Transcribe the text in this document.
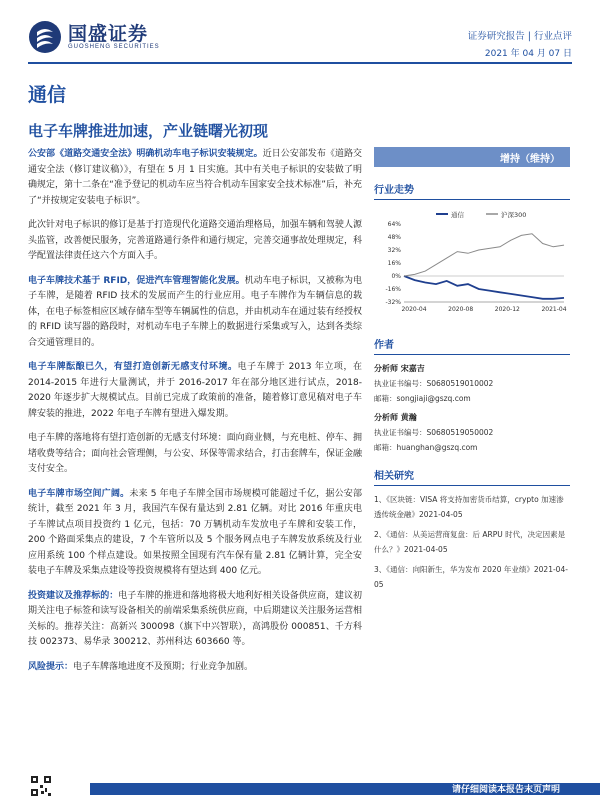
国盛证券
GUOSHENG SECURITIES
证券研究报告 | 行业点评
2021 年 04 月 07 日
通信
电子车牌推进加速，产业链曙光初现

公安部《道路交通安全法》明确机动车电子标识安装规定。近日公安部发布《道路交通安全法（修订建议稿）》，有望在 5 月 1 日实施。其中有关电子标识的安装做了明确规定，第十二条在“准予登记的机动车应当符合机动车国家安全技术标准”后，补充了“并按规定安装电子标识”。

此次针对电子标识的修订是基于打造现代化道路交通治理格局，加强车辆和驾驶人源头监管，改善便民服务，完善道路通行条件和通行规定，完善交通事故处理规定，科学配置法律责任这六个方面入手。

电子车牌技术基于 RFID，促进汽车管理智能化发展。机动车电子标识，又被称为电子车牌，是随着 RFID 技术的发展而产生的行业应用。电子车牌作为车辆信息的载体，在电子标签相应区域存储车型等车辆属性的信息，并由机动车在通过装有经授权的 RFID 读写器的路段时，对机动车电子车牌上的数据进行采集或写入，达到各类综合交通管理目的。

电子车牌酝酿已久，有望打造创新无感支付环境。电子车牌于 2013 年立项，在 2014-2015 年进行大量测试，并于 2016-2017 年在部分地区进行试点，2018-2020 年逐步扩大规模试点。目前已完成了政策前的准备，随着修订意见稿对电子车牌安装的推进，2022 年电子车牌有望进入爆发期。

电子车牌的落地将有望打造创新的无感支付环境：面向商业侧，与充电桩、停车、拥堵收费等结合；面向社会管理侧，与公安、环保等需求结合，打击套牌车，保证金融支付安全。

电子车牌市场空间广阔。未来 5 年电子车牌全国市场规模可能超过千亿，据公安部统计，截至 2021 年 3 月，我国汽车保有量达到 2.81 亿辆。对比 2016 年重庆电子车牌试点项目投资约 1 亿元，包括：70 万辆机动车发放电子车牌和安装工作，200 个路面采集点的建设，7 个车管所以及 5 个服务网点电子车牌发放系统及行业应用系统 100 个样点建设。如果按照全国现有汽车保有量 2.81 亿辆计算，完全安装电子车牌及采集点建设等投资规模将有望达到 400 亿元。

投资建议及推荐标的：电子车牌的推进和落地将极大地利好相关设备供应商，建议初期关注电子标签和读写设备相关的前端采集系统供应商，中后期建议关注服务运营相关标的。推荐关注：高新兴 300098（旗下中兴智联），高鸿股份 000851、千方科技 002373、易华录 300212、苏州科达 603660 等。

风险提示：电子车牌落地进度不及预期；行业竞争加剧。

增持（维持）
行业走势
64%
48%
32%
16%
0%
-16%
-32%
2020-04	2020-08	2020-12	2021-04
通信	沪深300
作者
分析师 宋嘉吉
执业证书编号：S0680519010002
邮箱：songjiaji@gszq.com
分析师 黄瀚
执业证书编号：S0680519050002
邮箱：huanghan@gszq.com
相关研究
1、《区块链：VISA 将支持加密货币结算，crypto 加速渗透传统金融》2021-04-05
2、《通信：从美运营商复盘：后 ARPU 时代，决定因素是什么？》2021-04-05
3、《通信：向阳新生，华为发布 2020 年业绩》2021-04-05
请仔细阅读本报告末页声明
